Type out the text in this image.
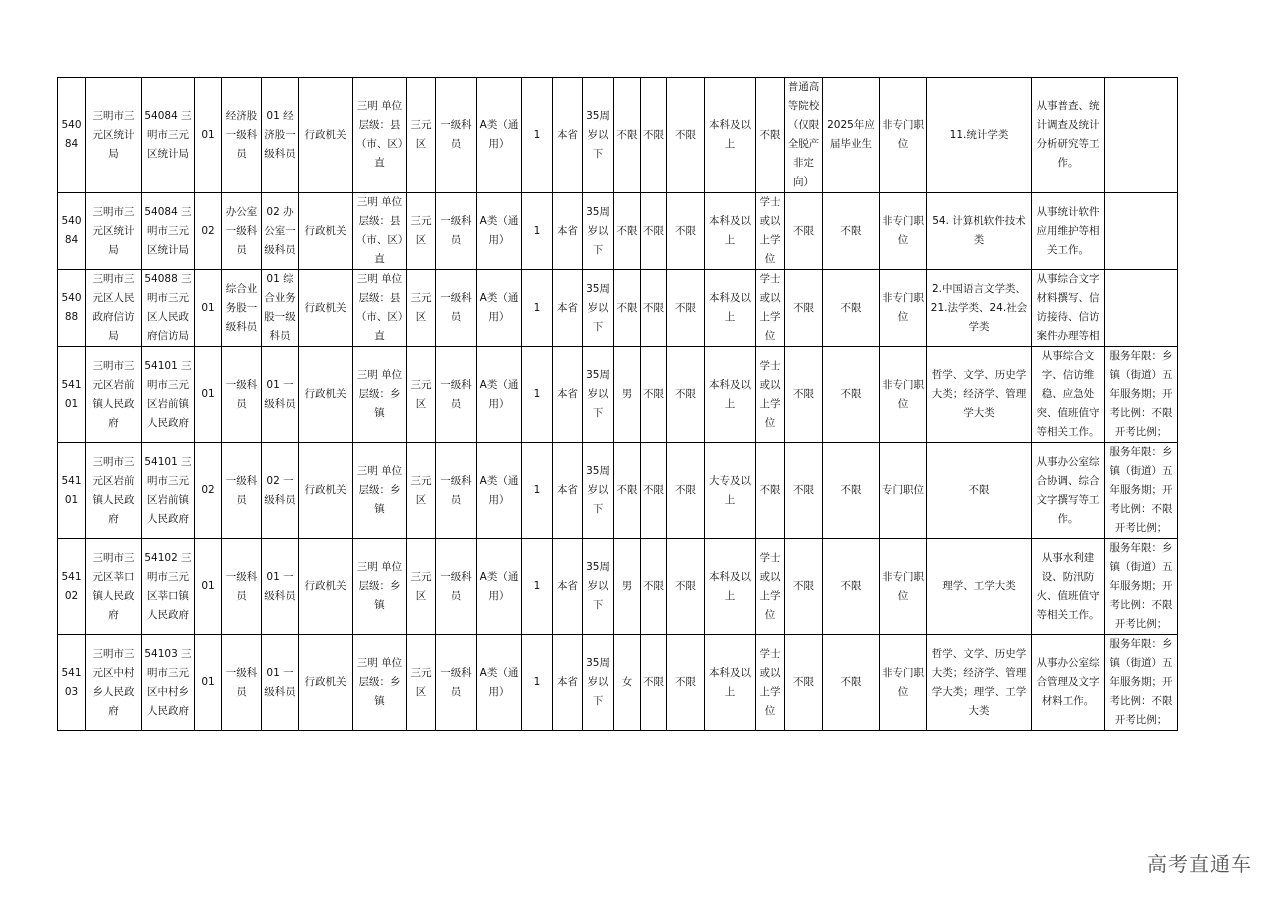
54084	三明市三元区统计局	54084 三明市三元区统计局	01	经济股一级科员	01 经济股一级科员	行政机关	三明 单位层级：县（市、区）直	三元区	一级科员	A类（通用）	1	本省	35周岁以下	不限	不限	不限	本科及以上	不限	普通高等院校（仅限全脱产非定向）	2025年应届毕业生	非专门职位	11.统计学类	从事普查、统计调查及统计分析研究等工作。	
54084	三明市三元区统计局	54084 三明市三元区统计局	02	办公室一级科员	02 办公室一级科员	行政机关	三明 单位层级：县（市、区）直	三元区	一级科员	A类（通用）	1	本省	35周岁以下	不限	不限	不限	本科及以上	学士或以上学位	不限	不限	非专门职位	54. 计算机软件技术类	从事统计软件应用维护等相关工作。	
54088	三明市三元区人民政府信访局	54088 三明市三元区人民政府信访局	01	综合业务股一级科员	01 综合业务股一级科员	行政机关	三明 单位层级：县（市、区）直	三元区	一级科员	A类（通用）	1	本省	35周岁以下	不限	不限	不限	本科及以上	学士或以上学位	不限	不限	非专门职位	2.中国语言文学类、21.法学类、24.社会学类	从事综合文字材料撰写、信访接待、信访案件办理等相	
54101	三明市三元区岩前镇人民政府	54101 三明市三元区岩前镇人民政府	01	一级科员	01 一级科员	行政机关	三明 单位层级：乡镇	三元区	一级科员	A类（通用）	1	本省	35周岁以下	男	不限	不限	本科及以上	学士或以上学位	不限	不限	非专门职位	哲学、文学、历史学大类；经济学、管理学大类	从事综合文字、信访维稳、应急处突、值班值守等相关工作。	服务年限：乡镇（街道）五年服务期；开考比例：不限开考比例；
54101	三明市三元区岩前镇人民政府	54101 三明市三元区岩前镇人民政府	02	一级科员	02 一级科员	行政机关	三明 单位层级：乡镇	三元区	一级科员	A类（通用）	1	本省	35周岁以下	不限	不限	不限	大专及以上	不限	不限	不限	专门职位	不限	从事办公室综合协调、综合文字撰写等工作。	服务年限：乡镇（街道）五年服务期；开考比例：不限开考比例；
54102	三明市三元区莘口镇人民政府	54102 三明市三元区莘口镇人民政府	01	一级科员	01 一级科员	行政机关	三明 单位层级：乡镇	三元区	一级科员	A类（通用）	1	本省	35周岁以下	男	不限	不限	本科及以上	学士或以上学位	不限	不限	非专门职位	理学、工学大类	从事水利建设、防汛防火、值班值守等相关工作。	服务年限：乡镇（街道）五年服务期；开考比例：不限开考比例；
54103	三明市三元区中村乡人民政府	54103 三明市三元区中村乡人民政府	01	一级科员	01 一级科员	行政机关	三明 单位层级：乡镇	三元区	一级科员	A类（通用）	1	本省	35周岁以下	女	不限	不限	本科及以上	学士或以上学位	不限	不限	非专门职位	哲学、文学、历史学大类；经济学、管理学大类；理学、工学大类	从事办公室综合管理及文字材料工作。	服务年限：乡镇（街道）五年服务期；开考比例：不限开考比例；
高考直通车
